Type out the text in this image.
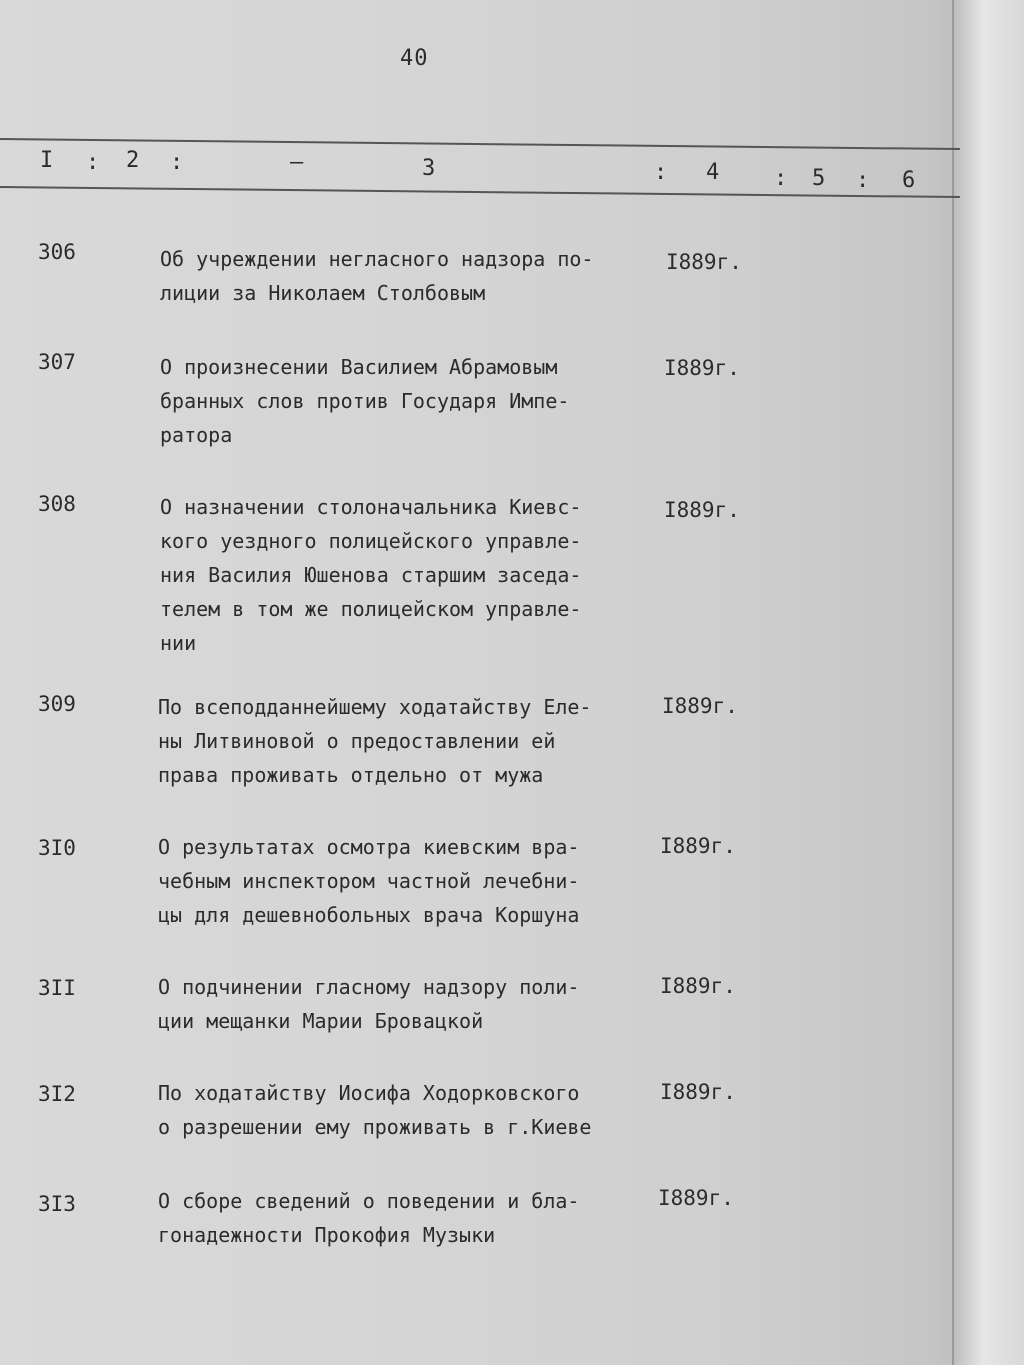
40
I : 2 :	–	3	: 4 : 5 : 6
306	Об учреждении негласного надзора по-
лиции за Николаем Столбовым
I889г.
307	О произнесении Василием Абрамовым
бранных слов против Государя Импе-
ратора
I889г.
308	О назначении столоначальника Киевс-
кого уездного полицейского управле-
ния Василия Юшенова старшим заседа-
телем в том же полицейском управле-
нии
I889г.
309	По всеподданнейшему ходатайству Еле-
ны Литвиновой о предоставлении ей
права проживать отдельно от мужа
I889г.
3I0	О результатах осмотра киевским вра-
чебным инспектором частной лечебни-
цы для дешевнобольных врача Коршуна
I889г.
3II	О подчинении гласному надзору поли-
ции мещанки Марии Бровацкой
I889г.
3I2	По ходатайству Иосифа Ходорковского
о разрешении ему проживать в г.Киеве
I889г.
3I3	О сборе сведений о поведении и бла-
гонадежности Прокофия Музыки
I889г.
